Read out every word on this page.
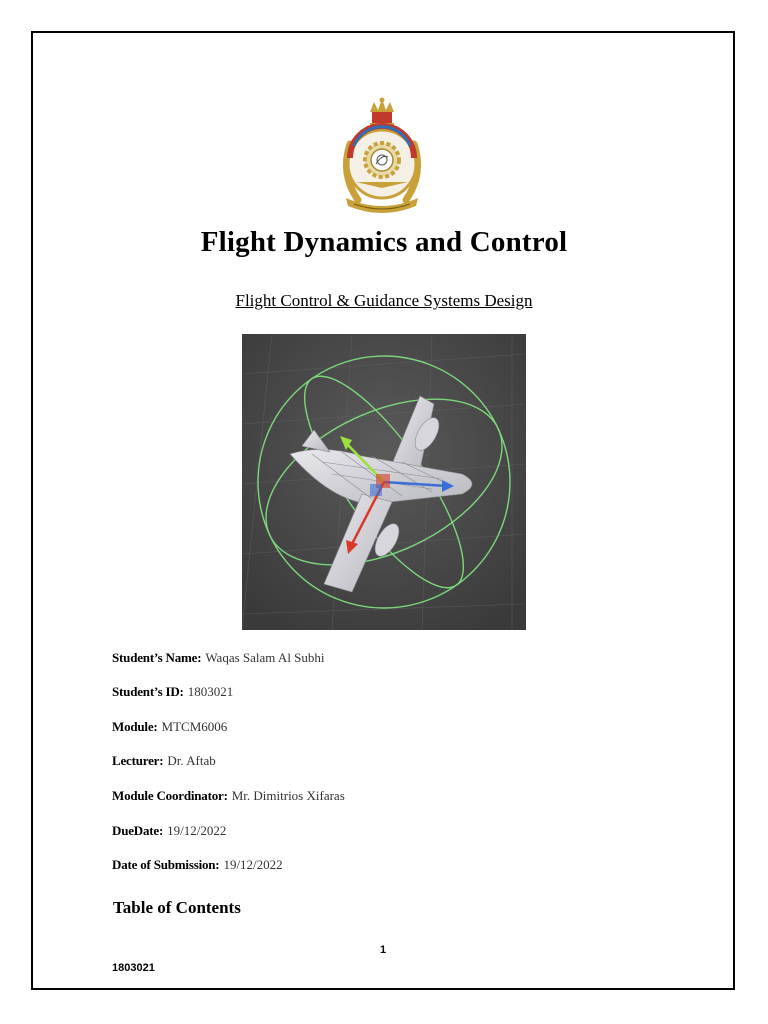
Flight Dynamics and Control
Flight Control & Guidance Systems Design
Student’s Name: Waqas Salam Al Subhi
Student’s ID: 1803021
Module: MTCM6006
Lecturer: Dr. Aftab
Module Coordinator: Mr. Dimitrios Xifaras
DueDate: 19/12/2022
Date of Submission: 19/12/2022
Table of Contents
1
1803021
